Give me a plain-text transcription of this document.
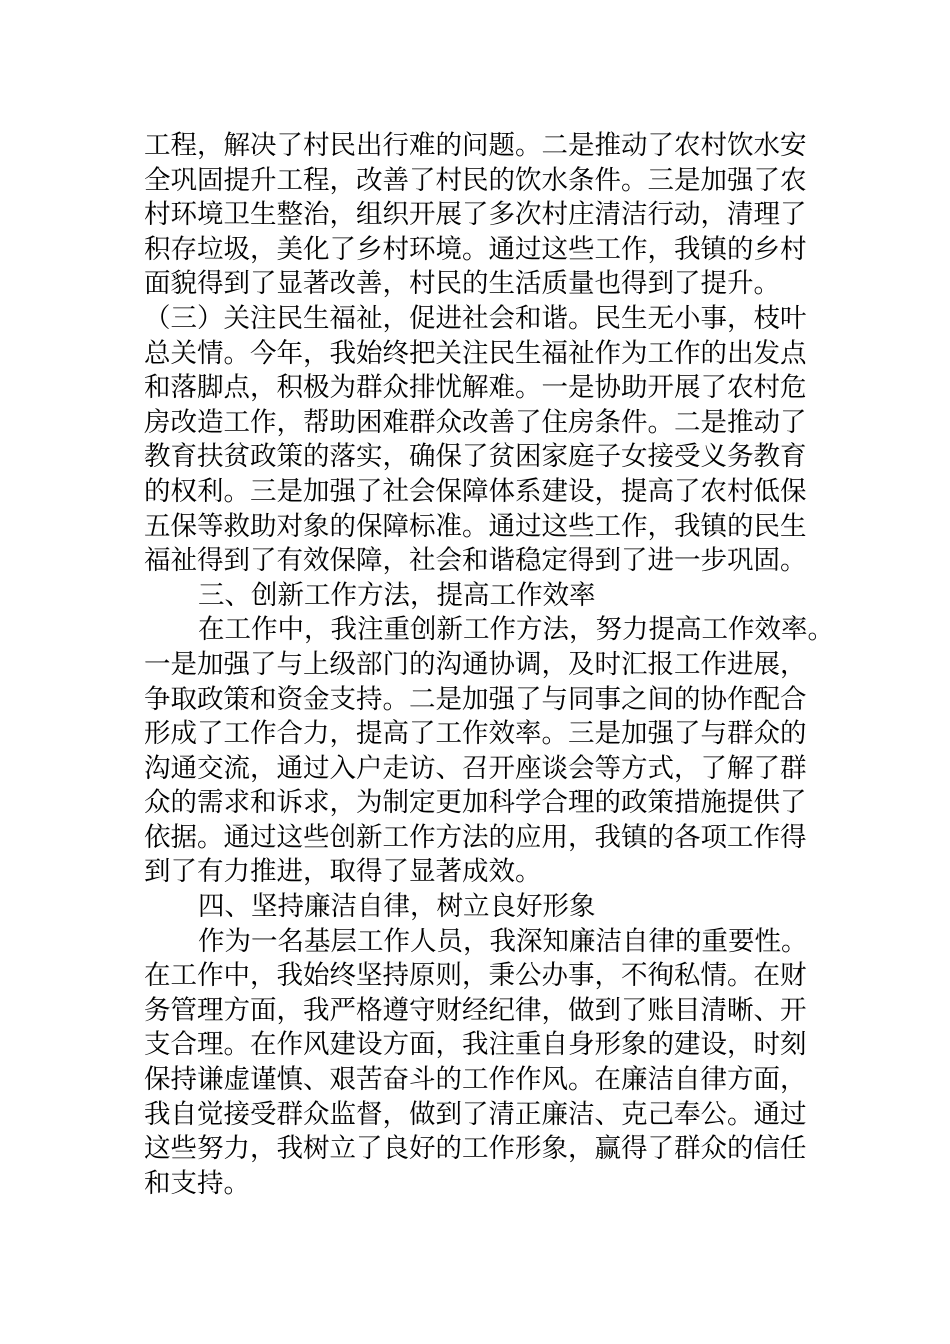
工程，解决了村民出行难的问题。二是推动了农村饮水安
全巩固提升工程，改善了村民的饮水条件。三是加强了农
村环境卫生整治，组织开展了多次村庄清洁行动，清理了
积存垃圾，美化了乡村环境。通过这些工作，我镇的乡村
面貌得到了显著改善，村民的生活质量也得到了提升。
（三）关注民生福祉，促进社会和谐。民生无小事，枝叶
总关情。今年，我始终把关注民生福祉作为工作的出发点
和落脚点，积极为群众排忧解难。一是协助开展了农村危
房改造工作，帮助困难群众改善了住房条件。二是推动了
教育扶贫政策的落实，确保了贫困家庭子女接受义务教育
的权利。三是加强了社会保障体系建设，提高了农村低保
五保等救助对象的保障标准。通过这些工作，我镇的民生
福祉得到了有效保障，社会和谐稳定得到了进一步巩固。
三、创新工作方法，提高工作效率
在工作中，我注重创新工作方法，努力提高工作效率。
一是加强了与上级部门的沟通协调，及时汇报工作进展，
争取政策和资金支持。二是加强了与同事之间的协作配合
形成了工作合力，提高了工作效率。三是加强了与群众的
沟通交流，通过入户走访、召开座谈会等方式，了解了群
众的需求和诉求，为制定更加科学合理的政策措施提供了
依据。通过这些创新工作方法的应用，我镇的各项工作得
到了有力推进，取得了显著成效。
四、坚持廉洁自律，树立良好形象
作为一名基层工作人员，我深知廉洁自律的重要性。
在工作中，我始终坚持原则，秉公办事，不徇私情。在财
务管理方面，我严格遵守财经纪律，做到了账目清晰、开
支合理。在作风建设方面，我注重自身形象的建设，时刻
保持谦虚谨慎、艰苦奋斗的工作作风。在廉洁自律方面，
我自觉接受群众监督，做到了清正廉洁、克己奉公。通过
这些努力，我树立了良好的工作形象，赢得了群众的信任
和支持。
